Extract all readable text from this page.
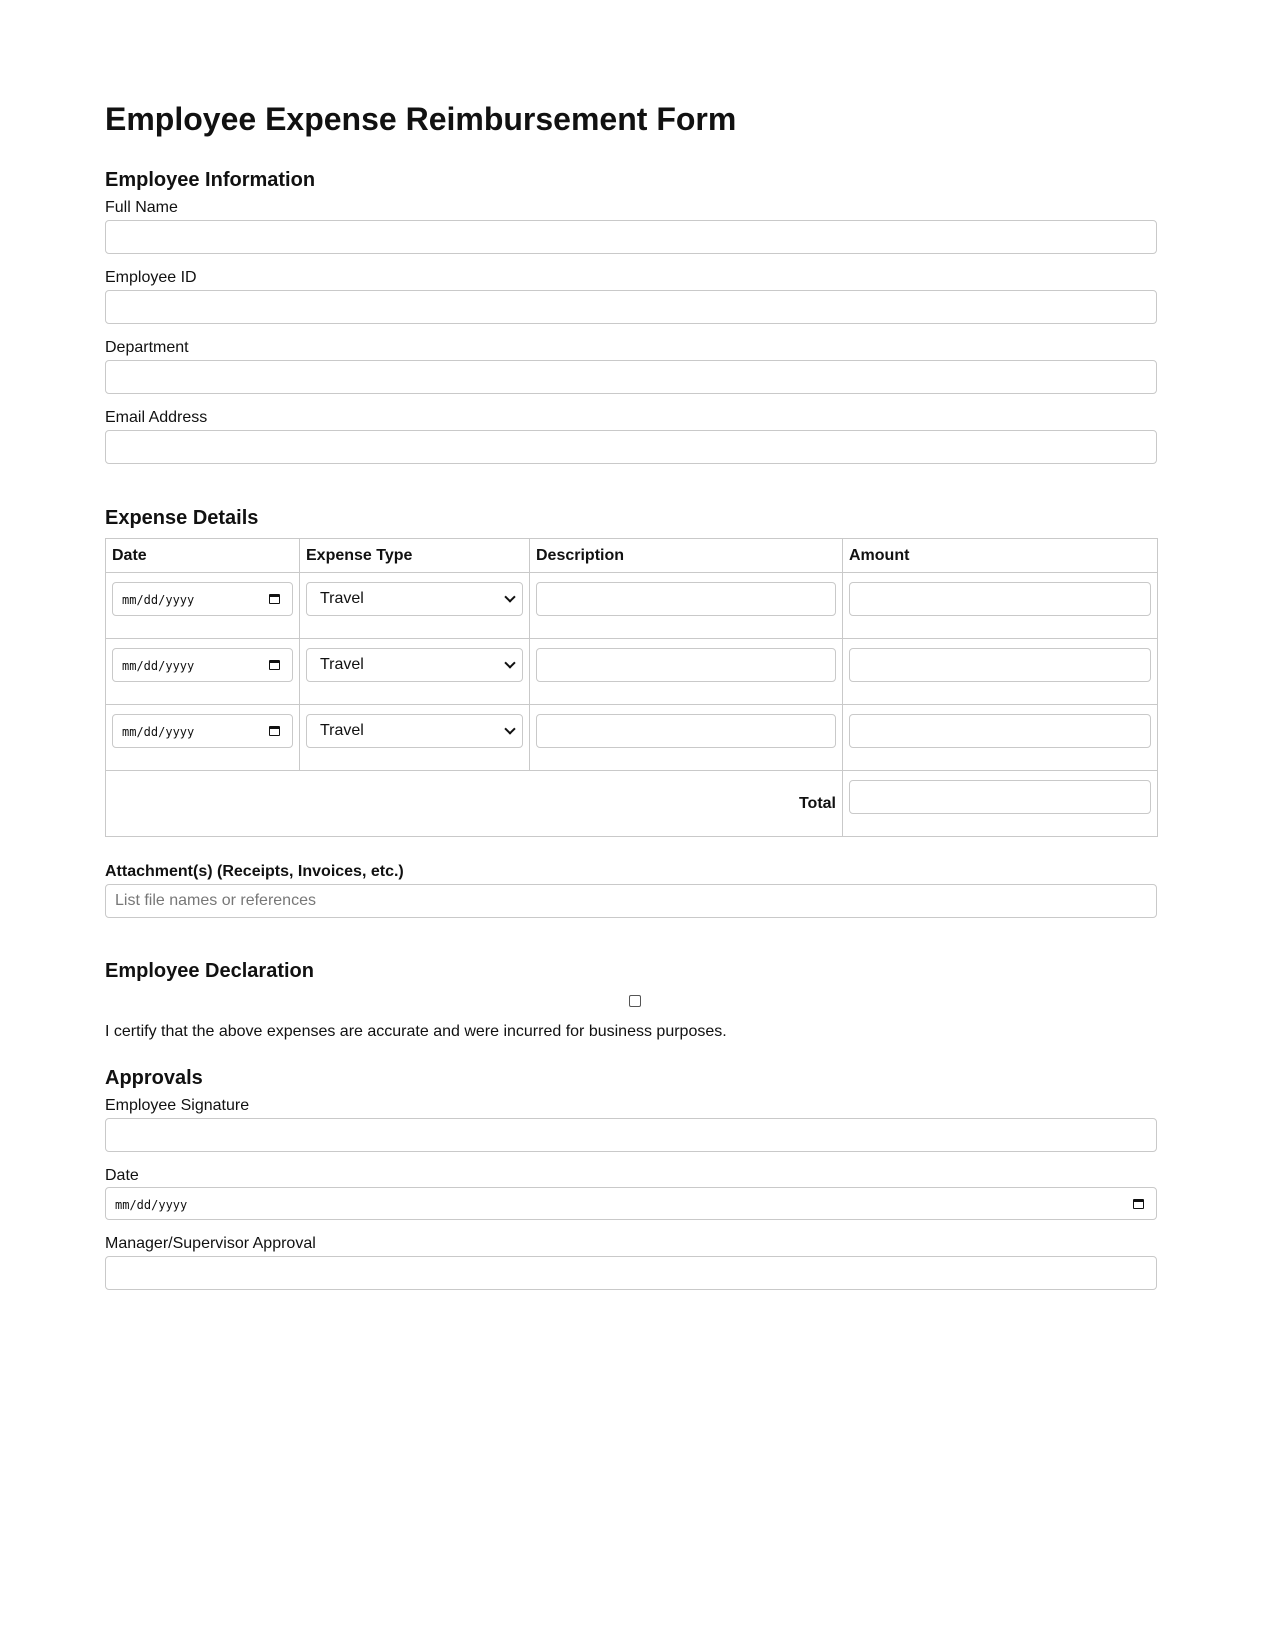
Employee Expense Reimbursement Form
Employee Information
Full Name
Employee ID
Department
Email Address
Expense Details
Date	Expense Type	Description	Amount

mm/dd/yyyy	Travel		

mm/dd/yyyy	Travel		

mm/dd/yyyy	Travel		

Total			

Attachment(s) (Receipts, Invoices, etc.)
List file names or references
Employee Declaration
I certify that the above expenses are accurate and were incurred for business purposes.
Approvals
Employee Signature
Date
mm/dd/yyyy
Manager/Supervisor Approval
